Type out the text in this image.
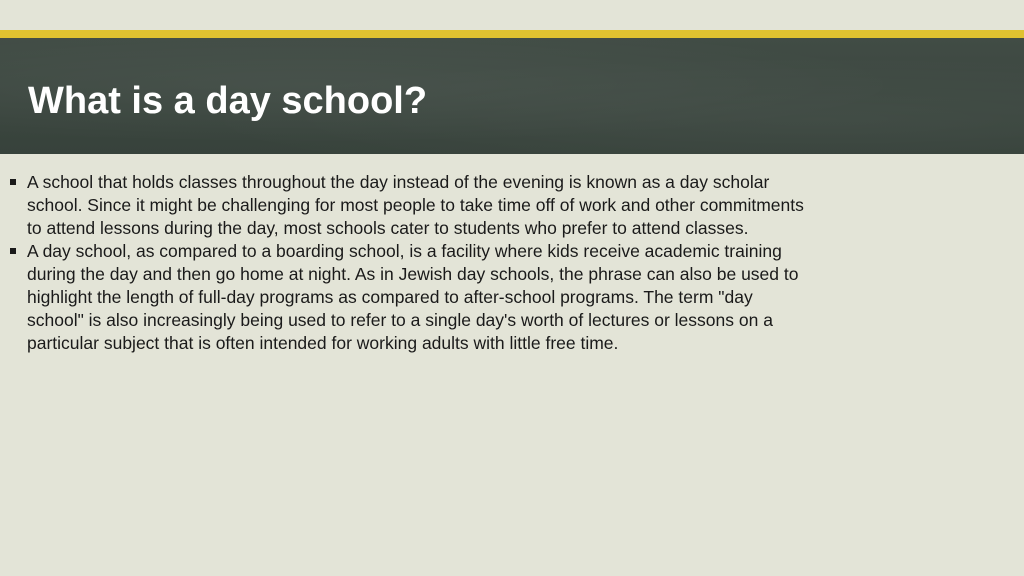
What is a day school?
A school that holds classes throughout the day instead of the evening is known as a day scholar school. Since it might be challenging for most people to take time off of work and other commitments to attend lessons during the day, most schools cater to students who prefer to attend classes.
A day school, as compared to a boarding school, is a facility where kids receive academic training during the day and then go home at night. As in Jewish day schools, the phrase can also be used to highlight the length of full-day programs as compared to after-school programs. The term "day school" is also increasingly being used to refer to a single day's worth of lectures or lessons on a particular subject that is often intended for working adults with little free time.
